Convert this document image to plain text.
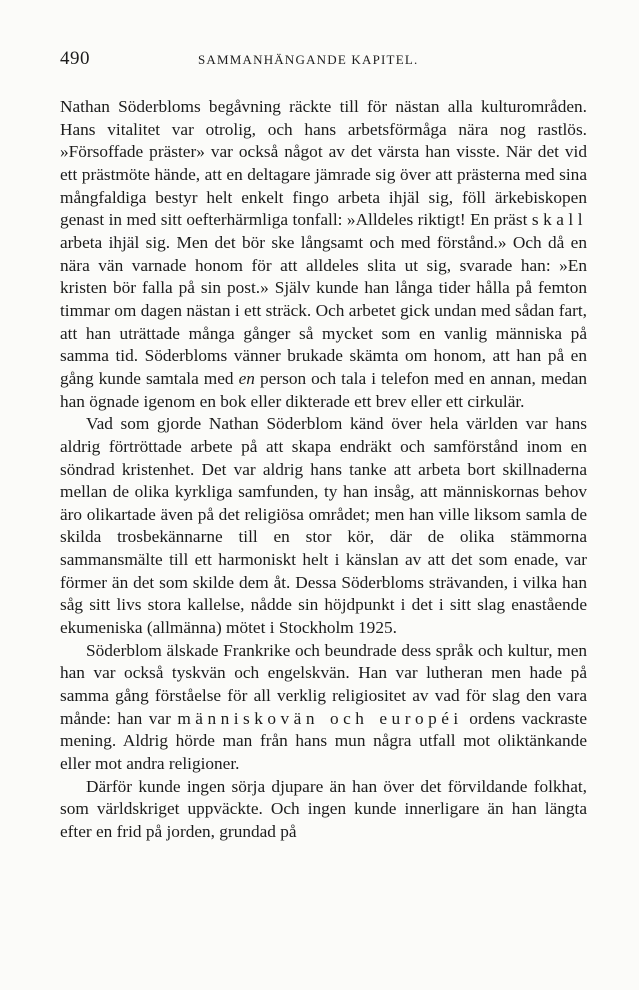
490	SAMMANHÄNGANDE KAPITEL.

Nathan Söderbloms begåvning räckte till för nästan alla kulturområden. Hans vitalitet var otrolig, och hans arbetsförmåga nära nog rastlös. »Försoffade präster» var också något av det värsta han visste. När det vid ett prästmöte hände, att en deltagare jämrade sig över att prästerna med sina mångfaldiga bestyr helt enkelt fingo arbeta ihjäl sig, föll ärkebiskopen genast in med sitt oefterhärmliga tonfall: »Alldeles riktigt! En präst skall arbeta ihjäl sig. Men det bör ske långsamt och med förstånd.» Och då en nära vän varnade honom för att alldeles slita ut sig, svarade han: »En kristen bör falla på sin post.» Själv kunde han långa tider hålla på femton timmar om dagen nästan i ett sträck. Och arbetet gick undan med sådan fart, att han uträttade många gånger så mycket som en vanlig människa på samma tid. Söderbloms vänner brukade skämta om honom, att han på en gång kunde samtala med en person och tala i telefon med en annan, medan han ögnade igenom en bok eller dikterade ett brev eller ett cirkulär.

Vad som gjorde Nathan Söderblom känd över hela världen var hans aldrig förtröttade arbete på att skapa endräkt och samförstånd inom en söndrad kristenhet. Det var aldrig hans tanke att arbeta bort skillnaderna mellan de olika kyrkliga samfunden, ty han insåg, att människornas behov äro olikartade även på det religiösa området; men han ville liksom samla de skilda trosbekännarne till en stor kör, där de olika stämmorna sammansmälte till ett harmoniskt helt i känslan av att det som enade, var förmer än det som skilde dem åt. Dessa Söderbloms strävanden, i vilka han såg sitt livs stora kallelse, nådde sin höjdpunkt i det i sitt slag enastående ekumeniska (allmänna) mötet i Stockholm 1925.

Söderblom älskade Frankrike och beundrade dess språk och kultur, men han var också tyskvän och engelskvän. Han var lutheran men hade på samma gång förståelse för all verklig religiositet av vad för slag den vara månde: han var människovän och européi ordens vackraste mening. Aldrig hörde man från hans mun några utfall mot oliktänkande eller mot andra religioner.

Därför kunde ingen sörja djupare än han över det förvildande folkhat, som världskriget uppväckte. Och ingen kunde innerligare än han längta efter en frid på jorden, grundad på
